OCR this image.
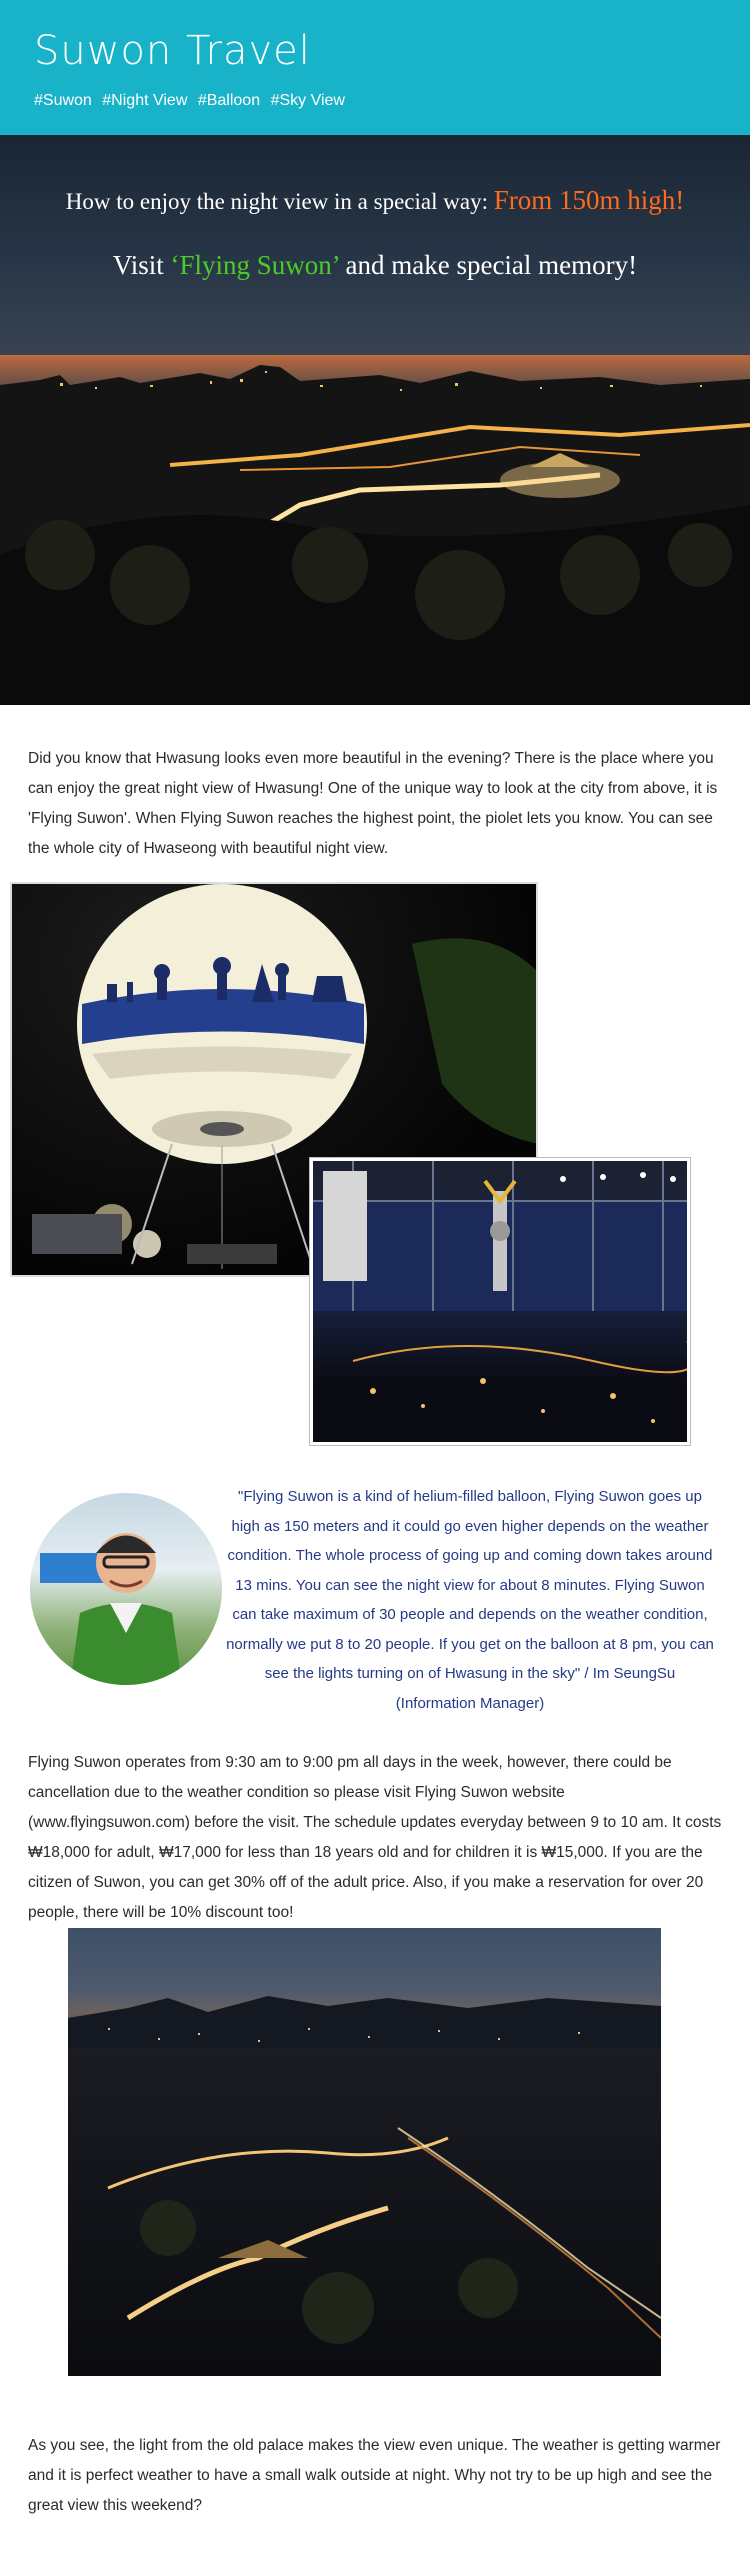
Suwon Travel
#Suwon #Night View #Balloon #Sky View
How to enjoy the night view in a special way: From 150m high!
Visit ‘Flying Suwon’ and make special memory!

Did you know that Hwasung looks even more beautiful in the evening? There is the place where you can enjoy the great night view of Hwasung! One of the unique way to look at the city from above, it is 'Flying Suwon'. When Flying Suwon reaches the highest point, the piolet lets you know. You can see the whole city of Hwaseong with beautiful night view.

"Flying Suwon is a kind of helium-filled balloon, Flying Suwon goes up high as 150 meters and it could go even higher depends on the weather condition. The whole process of going up and coming down takes around 13 mins. You can see the night view for about 8 minutes. Flying Suwon can take maximum of 30 people and depends on the weather condition, normally we put 8 to 20 people. If you get on the balloon at 8 pm, you can see the lights turning on of Hwasung in the sky" / Im SeungSu (Information Manager)

Flying Suwon operates from 9:30 am to 9:00 pm all days in the week, however, there could be cancellation due to the weather condition so please visit Flying Suwon website (www.flyingsuwon.com) before the visit. The schedule updates everyday between 9 to 10 am. It costs ₩18,000 for adult, ₩17,000 for less than 18 years old and for children it is ₩15,000. If you are the citizen of Suwon, you can get 30% off of the adult price. Also, if you make a reservation for over 20 people, there will be 10% discount too!

As you see, the light from the old palace makes the view even unique. The weather is getting warmer and it is perfect weather to have a small walk outside at night. Why not try to be up high and see the great view this weekend?
